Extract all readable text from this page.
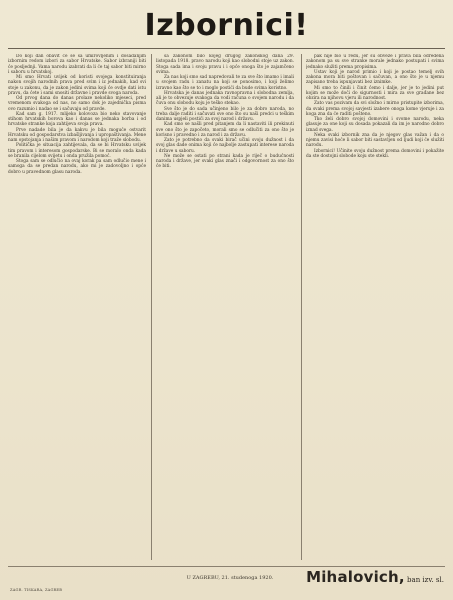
Izbornici!

Do koji dan obavit će se sa umirovljenim i dosadanjim izbornim redom izbori za sabor Hrvatske. Sabor izbraniji biti će posljednji. Vama narodu izabrati da li će taj sabor biti mirno i saboru u hrvatskoj.

Mi smo Hrvati uvijek od koristi svojega konstituiranja nakon svojih narodnih prava pred svim i iz jednakih, kad svi stoje u zakonu, da je zakon jedini svima koji će ovdje dati istu pravu, da ćete i sami snositi državne i pravde svoga naroda.

Od prvog dana do danas prolaze nekoliko mjeseci, pred vremenom svakoga od nas, no samo dok je zajednička pisma ovo razumio i nadao se i sačuvaju od pravde.

Kad sam g. 1917. mlijeko kolovoza bio neko stavovanje stihom hrvatskih borova kao i danas se jednaka borba i od hrvatske stranke koja zahtijeva svoja prava.

Prve nadade bila je da kakvu je bila moguće ostvarit Hrvatsku od gospodarstva izbašljivanja i upropaštivanja. Mene nam opstojanja i našim pravom i narodom koji traže slobodu.

Politička je situacija zahtijevala, da se bi Hrvatsku uvijek tim pravom i interesom gospodarske. Bi se moralo onda kada se branila cijelom svijetu i onda pružila pomoć.

Stoga sam se odlučio na ovaj korak pa sam odlučio mene i samoga da se predan narodu, ako mi je zadovoljno i opće dobro u pravednom glasu naroda.

sa zakonom bilo kojeg drugog zakonskog dana 29. listopada 1918. pravo narodu koji kao slobodni stoje uz zakon. Stoga sada ima i svoju pravu i i opće onoga što je zajamčeno svima.

Za nas koji smo sad napredovali te za sve što imamo i imali u svojem radu i zanatu na koji se ponosimo, i koji želimo izravno kao što se to i moglo postići da bude svima koristno.

Hrvatska je danas jednaka ravnopravna i slobodna zemlja, ali je to obvezuje svakoga da vodi računa o svojem narodu i da čuva onu slobodu koju je teško stekao.

Sve što je do sada učinjeno bilo je za dobro naroda, no treba dalje raditi i sačuvati sve ono što su naši predci u teškim danima uspjeli postići za svoj narod i državu.

Kad smo se našli pred pitanjem da li nastaviti ili prekinuti sve ono što je započeto, morali smo se odlučiti za ono što je korisno i pravedno i za narod i za državu.

Zato je potrebno da svaki birač učini svoju dužnost i da svoj glas dade onima koji će najbolje zastupati interese naroda i države u saboru.

Ne može se ostati po strani kada je riječ o budućnosti naroda i države, jer svaki glas znači i odgovornost za ono što će biti.

pak nije bio u redu, jer su obveze i prava bila određena zakonom pa su sve stranke morale jednako postupati i svima jednako služiti prema propisima.

Ustav koji je narod primio i koji je postao temelj svih zakona mora biti poštovan i sačuvan, a ono što je u njemu zapisano treba ispunjavati bez iznimke.

Mi smo to činili i činit ćemo i dalje, jer je to jedini put kojim se može doći do sigurnosti i mira za sve građane bez obzira na njihovu vjeru ili narodnost.

Zato vas pozivam da svi složno i mirno pristupite izborima, da svaki prema svojoj savjesti izabere onoga kome vjeruje i za koga zna da će raditi pošteno.

Tko želi dobro svojoj domovini i svome narodu, neka glasuje za one koji su dosada pokazali da im je narodno dobro iznad svega.

Neka svaki izbornik zna da je njegov glas važan i da o njemu zavisi hoće li sabor biti sastavljen od ljudi koji će služiti narodu.

Izbornici! Učinite svoju dužnost prema domovini i pokažite da ste dostojni slobode koju ste stekli.

U ZAGREBU, 21. studenoga 1920.	Mihalovich, ban izv. sl.
ZAGR. TISKARA, ZAGREB
